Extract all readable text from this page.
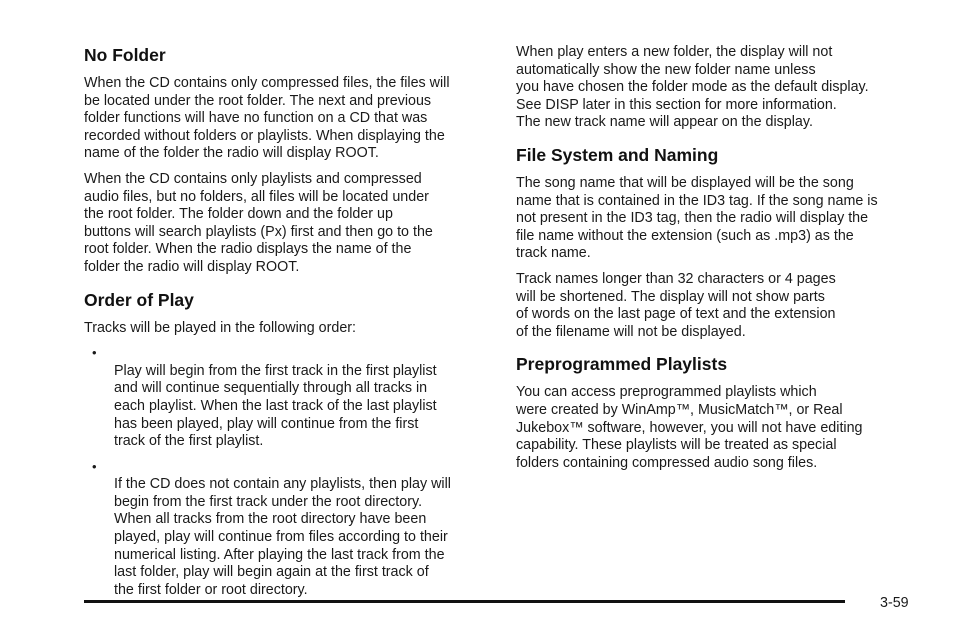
No Folder

When the CD contains only compressed files, the files will
be located under the root folder. The next and previous
folder functions will have no function on a CD that was
recorded without folders or playlists. When displaying the
name of the folder the radio will display ROOT.

When the CD contains only playlists and compressed
audio files, but no folders, all files will be located under
the root folder. The folder down and the folder up
buttons will search playlists (Px) first and then go to the
root folder. When the radio displays the name of the
folder the radio will display ROOT.

Order of Play

Tracks will be played in the following order:

•
Play will begin from the first track in the first playlist
and will continue sequentially through all tracks in
each playlist. When the last track of the last playlist
has been played, play will continue from the first
track of the first playlist.

•
If the CD does not contain any playlists, then play will
begin from the first track under the root directory.
When all tracks from the root directory have been
played, play will continue from files according to their
numerical listing. After playing the last track from the
last folder, play will begin again at the first track of
the first folder or root directory.

When play enters a new folder, the display will not
automatically show the new folder name unless
you have chosen the folder mode as the default display.
See DISP later in this section for more information.
The new track name will appear on the display.

File System and Naming

The song name that will be displayed will be the song
name that is contained in the ID3 tag. If the song name is
not present in the ID3 tag, then the radio will display the
file name without the extension (such as .mp3) as the
track name.

Track names longer than 32 characters or 4 pages
will be shortened. The display will not show parts
of words on the last page of text and the extension
of the filename will not be displayed.

Preprogrammed Playlists

You can access preprogrammed playlists which
were created by WinAmp™, MusicMatch™, or Real
Jukebox™ software, however, you will not have editing
capability. These playlists will be treated as special
folders containing compressed audio song files.

3-59
